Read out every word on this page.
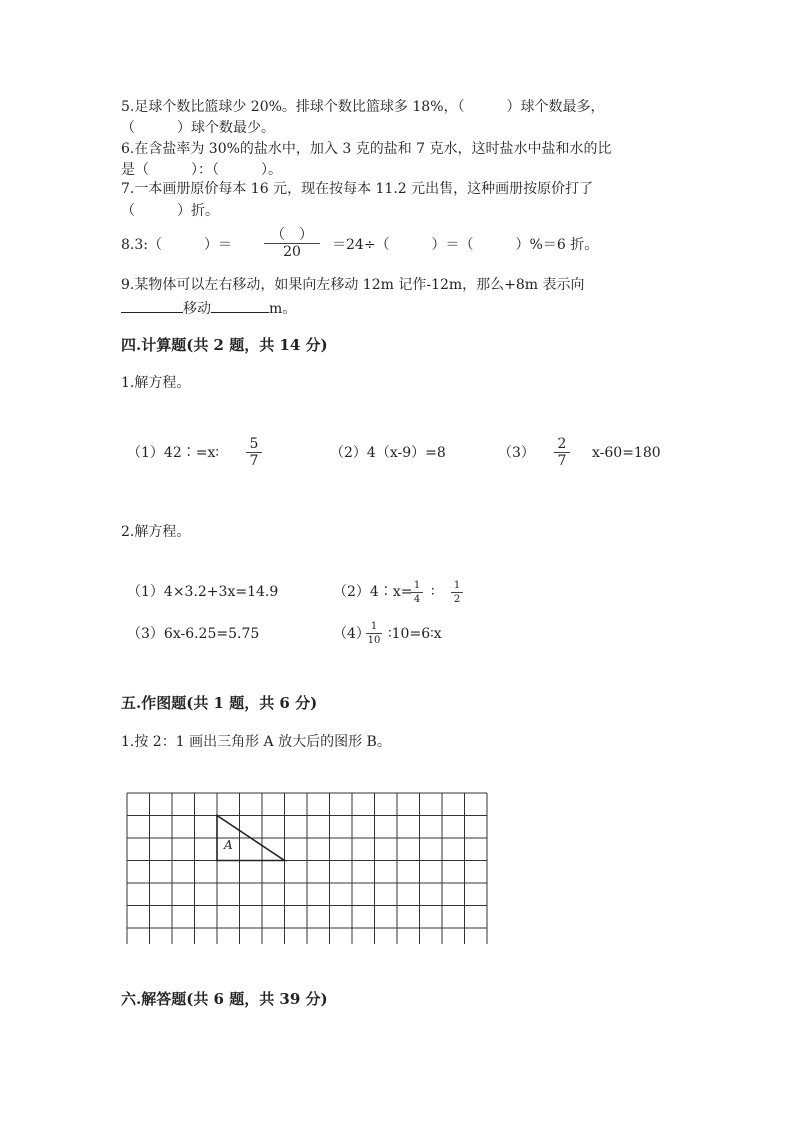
5.足球个数比篮球少 20%。排球个数比篮球多 18%，（　　　）球个数最多，
（　　　）球个数最少。
6.在含盐率为 30%的盐水中，加入 3 克的盐和 7 克水，这时盐水中盐和水的比
是（　　　）：（　　　）。
7.一本画册原价每本 16 元，现在按每本 11.2 元出售，这种画册按原价打了
（　　　）折。
8.3:（　　　）＝
（　）
20	＝24÷（　　　）＝（　　　）%＝6 折。
9.某物体可以左右移动，如果向左移动 12m 记作-12m，那么+8m 表示向
移动	m。
四.计算题(共 2 题，共 14 分)
1.解方程。
（1）42∶=x∶
5
7	（2）4（x-9）=8	（3）
2
7 x-60=180
2.解方程。
（1）4×3.2+3x=14.9	（2）4∶x= 1
4 ∶ 1
2
（3）6x-6.25=5.75	（4） 1
10 ∶10=6∶x
五.作图题(共 1 题，共 6 分)
1.按 2：1 画出三角形 A 放大后的图形 B。
A
六.解答题(共 6 题，共 39 分)
